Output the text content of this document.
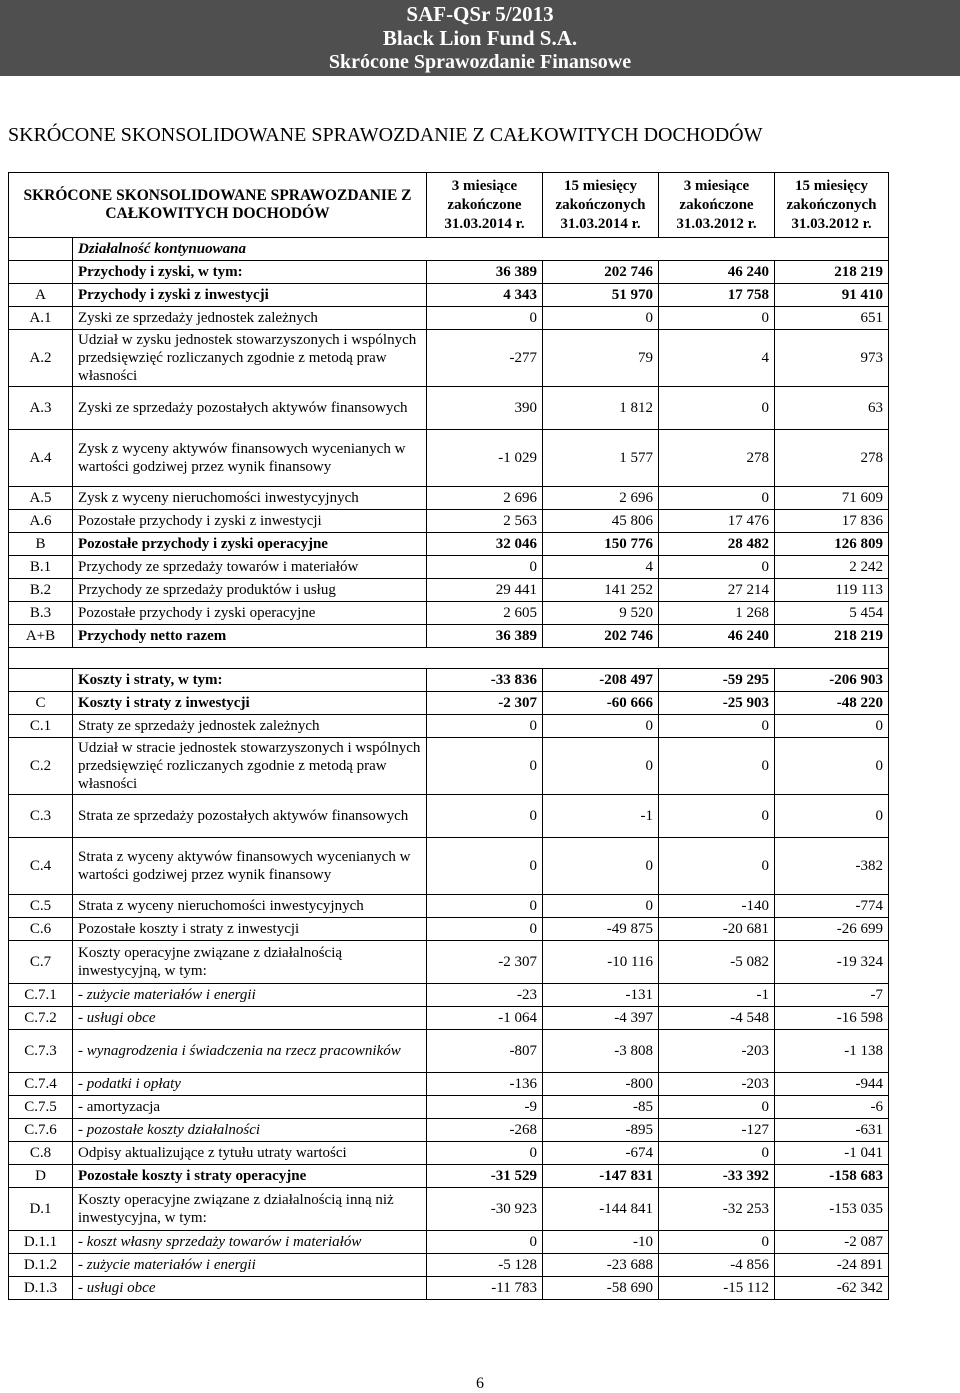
SAF-QSr 5/2013
Black Lion Fund S.A.
Skrócone Sprawozdanie Finansowe
SKRÓCONE SKONSOLIDOWANE SPRAWOZDANIE Z CAŁKOWITYCH DOCHODÓW
SKRÓCONE SKONSOLIDOWANE SPRAWOZDANIE Z CAŁKOWITYCH DOCHODÓW		3 miesiące zakończone 31.03.2014 r.	15 miesięcy zakończonych 31.03.2014 r.	3 miesiące zakończone 31.03.2012 r.	15 miesięcy zakończonych 31.03.2012 r.
	Działalność kontynuowana				
	Przychody i zyski, w tym:	36 389	202 746	46 240	218 219
A	Przychody i zyski z inwestycji	4 343	51 970	17 758	91 410
A.1	Zyski ze sprzedaży jednostek zależnych	0	0	0	651
A.2	Udział w zysku jednostek stowarzyszonych i wspólnych przedsięwzięć rozliczanych zgodnie z metodą praw własności	-277	79	4	973
A.3	Zyski ze sprzedaży pozostałych aktywów finansowych	390	1 812	0	63
A.4	Zysk z wyceny aktywów finansowych wycenianych w wartości godziwej przez wynik finansowy	-1 029	1 577	278	278
A.5	Zysk z wyceny nieruchomości inwestycyjnych	2 696	2 696	0	71 609
A.6	Pozostałe przychody i zyski z inwestycji	2 563	45 806	17 476	17 836
B	Pozostałe przychody i zyski operacyjne	32 046	150 776	28 482	126 809
B.1	Przychody ze sprzedaży towarów i materiałów	0	4	0	2 242
B.2	Przychody ze sprzedaży produktów i usług	29 441	141 252	27 214	119 113
B.3	Pozostałe przychody i zyski operacyjne	2 605	9 520	1 268	5 454
A+B	Przychody netto razem	36 389	202 746	46 240	218 219

	Koszty i straty, w tym:	-33 836	-208 497	-59 295	-206 903
C	Koszty i straty z inwestycji	-2 307	-60 666	-25 903	-48 220
C.1	Straty ze sprzedaży jednostek zależnych	0	0	0	0
C.2	Udział w stracie jednostek stowarzyszonych i wspólnych przedsięwzięć rozliczanych zgodnie z metodą praw własności	0	0	0	0
C.3	Strata ze sprzedaży pozostałych aktywów finansowych	0	-1	0	0
C.4	Strata z wyceny aktywów finansowych wycenianych w wartości godziwej przez wynik finansowy	0	0	0	-382
C.5	Strata z wyceny nieruchomości inwestycyjnych	0	0	-140	-774
C.6	Pozostałe koszty i straty z inwestycji	0	-49 875	-20 681	-26 699
C.7	Koszty operacyjne związane z działalnością inwestycyjną, w tym:	-2 307	-10 116	-5 082	-19 324
C.7.1	- zużycie materiałów i energii	-23	-131	-1	-7
C.7.2	- usługi obce	-1 064	-4 397	-4 548	-16 598
C.7.3	- wynagrodzenia i świadczenia na rzecz pracowników	-807	-3 808	-203	-1 138
C.7.4	- podatki i opłaty	-136	-800	-203	-944
C.7.5	- amortyzacja	-9	-85	0	-6
C.7.6	- pozostałe koszty działalności	-268	-895	-127	-631
C.8	Odpisy aktualizujące z tytułu utraty wartości	0	-674	0	-1 041
D	Pozostałe koszty i straty operacyjne	-31 529	-147 831	-33 392	-158 683
D.1	Koszty operacyjne związane z działalnością inną niż inwestycyjna, w tym:	-30 923	-144 841	-32 253	-153 035
D.1.1	- koszt własny sprzedaży towarów i materiałów	0	-10	0	-2 087
D.1.2	- zużycie materiałów i energii	-5 128	-23 688	-4 856	-24 891
D.1.3	- usługi obce	-11 783	-58 690	-15 112	-62 342
6
